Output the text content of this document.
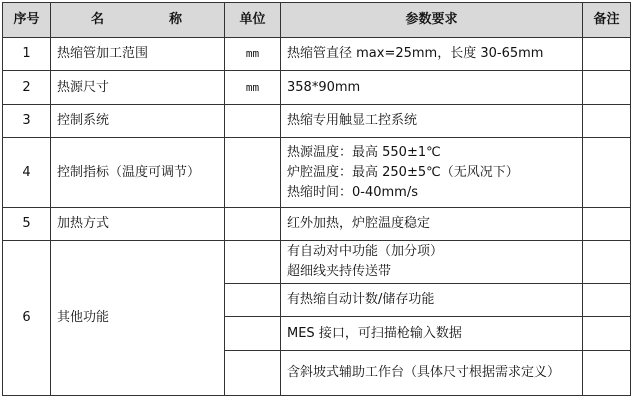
序号	名　称	单位	参数要求	备注
1	热缩管加工范围	mm	热缩管直径 max=25mm，长度 30-65mm	
2	热源尺寸	mm	358*90mm	
3	控制系统		热缩专用触显工控系统	
4	控制指标（温度可调节）		热源温度：最高 550±1℃
炉腔温度：最高 250±5℃（无风况下）
热缩时间：0-40mm/s	

5	加热方式		红外加热，炉腔温度稳定	
6	其他功能		有自动对中功能（加分项）
超细线夹持传送带	

			有热缩自动计数/储存功能	
			MES 接口，可扫描枪输入数据	
			含斜坡式辅助工作台（具体尺寸根据需求定义）	
